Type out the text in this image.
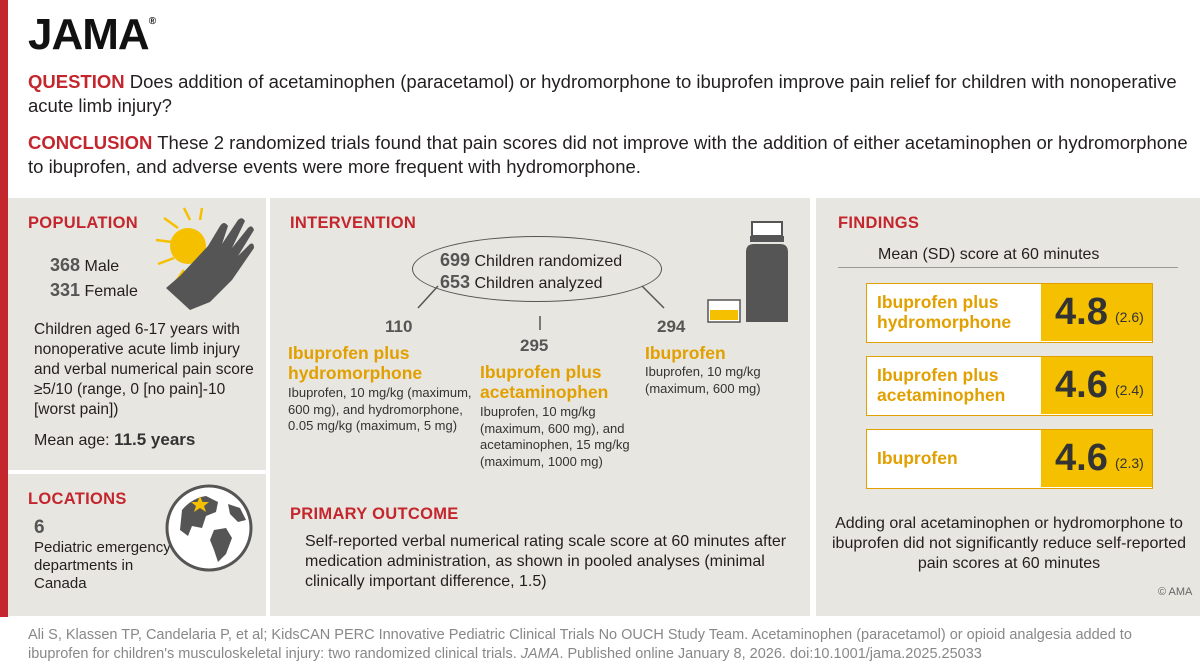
JAMA®
QUESTION Does addition of acetaminophen (paracetamol) or hydromorphone to ibuprofen improve pain relief for children with nonoperative acute limb injury?
CONCLUSION These 2 randomized trials found that pain scores did not improve with the addition of either acetaminophen or hydromorphone to ibuprofen, and adverse events were more frequent with hydromorphone.
POPULATION
368 Male
331 Female
Children aged 6-17 years with nonoperative acute limb injury and verbal numerical pain score ≥5/10 (range, 0 [no pain]-10 [worst pain])
Mean age: 11.5 years
LOCATIONS
6
Pediatric emergency departments in Canada
INTERVENTION
699 Children randomized
653 Children analyzed
110
Ibuprofen plus hydromorphone
Ibuprofen, 10 mg/kg (maximum, 600 mg), and hydromorphone, 0.05 mg/kg (maximum, 5 mg)
295
Ibuprofen plus acetaminophen
Ibuprofen, 10 mg/kg (maximum, 600 mg), and acetaminophen, 15 mg/kg (maximum, 1000 mg)
294
Ibuprofen
Ibuprofen, 10 mg/kg (maximum, 600 mg)
PRIMARY OUTCOME
Self-reported verbal numerical rating scale score at 60 minutes after medication administration, as shown in pooled analyses (minimal clinically important difference, 1.5)
FINDINGS
Mean (SD) score at 60 minutes
Ibuprofen plus hydromorphone	4.8 (2.6)
Ibuprofen plus acetaminophen	4.6 (2.4)
Ibuprofen	4.6 (2.3)
Adding oral acetaminophen or hydromorphone to ibuprofen did not significantly reduce self-reported pain scores at 60 minutes
© AMA
Ali S, Klassen TP, Candelaria P, et al; KidsCAN PERC Innovative Pediatric Clinical Trials No OUCH Study Team. Acetaminophen (paracetamol) or opioid analgesia added to ibuprofen for children's musculoskeletal injury: two randomized clinical trials. JAMA. Published online January 8, 2026. doi:10.1001/jama.2025.25033
